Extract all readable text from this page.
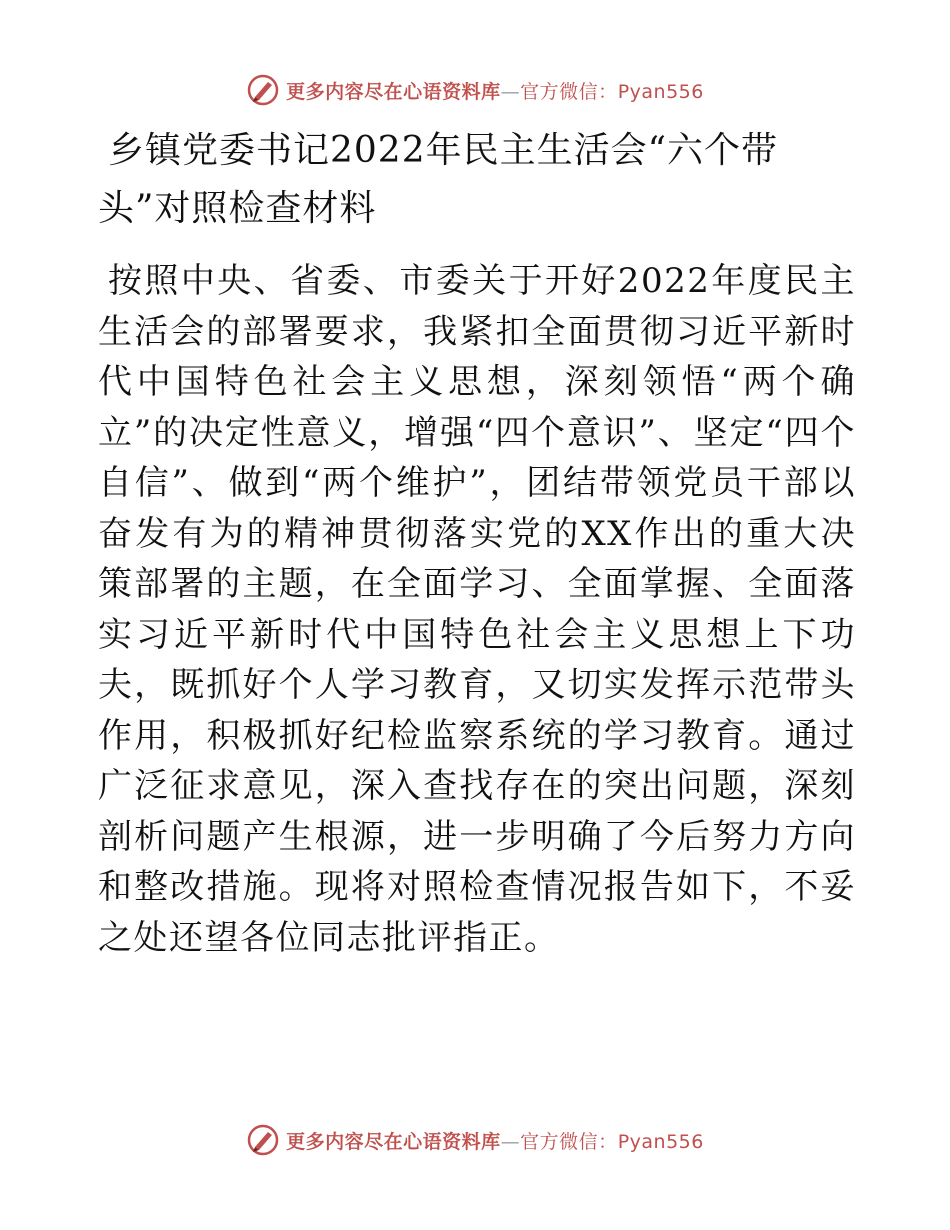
更多内容尽在心语资料库—官方微信：Pyan556
乡镇党委书记2022年民主生活会“六个带头”对照检查材料

按照中央、省委、市委关于开好2022年度民主生活会的部署要求，我紧扣全面贯彻习近平新时代中国特色社会主义思想，深刻领悟“两个确立”的决定性意义，增强“四个意识”、坚定“四个自信”、做到“两个维护”，团结带领党员干部以奋发有为的精神贯彻落实党的XX作出的重大决策部署的主题，在全面学习、全面掌握、全面落实习近平新时代中国特色社会主义思想上下功夫，既抓好个人学习教育，又切实发挥示范带头作用，积极抓好纪检监察系统的学习教育。通过广泛征求意见，深入查找存在的突出问题，深刻剖析问题产生根源，进一步明确了今后努力方向和整改措施。现将对照检查情况报告如下，不妥之处还望各位同志批评指正。

更多内容尽在心语资料库—官方微信：Pyan556
